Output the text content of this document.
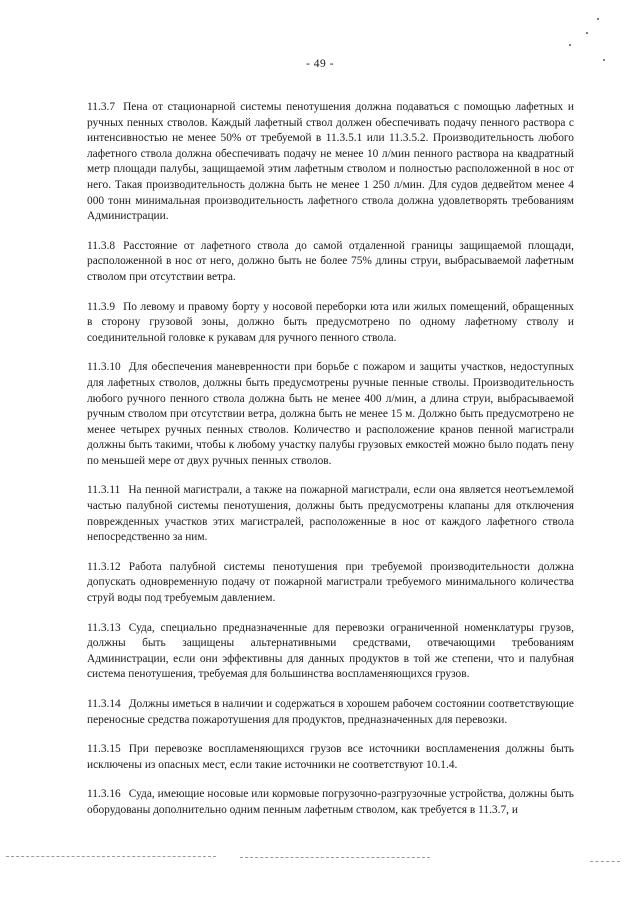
- 49 -

11.3.7 Пена от стационарной системы пенотушения должна подаваться с помощью лафетных и ручных пенных стволов. Каждый лафетный ствол должен обеспечивать подачу пенного раствора с интенсивностью не менее 50% от требуемой в 11.3.5.1 или 11.3.5.2. Производительность любого лафетного ствола должна обеспечивать подачу не менее 10 л/мин пенного раствора на квадратный метр площади палубы, защищаемой этим лафетным стволом и полностью расположенной в нос от него. Такая производительность должна быть не менее 1 250 л/мин. Для судов дедвейтом менее 4 000 тонн минимальная производительность лафетного ствола должна удовлетворять требованиям Администрации.

11.3.8 Расстояние от лафетного ствола до самой отдаленной границы защищаемой площади, расположенной в нос от него, должно быть не более 75% длины струи, выбрасываемой лафетным стволом при отсутствии ветра.

11.3.9 По левому и правому борту у носовой переборки юта или жилых помещений, обращенных в сторону грузовой зоны, должно быть предусмотрено по одному лафетному стволу и соединительной головке к рукавам для ручного пенного ствола.

11.3.10 Для обеспечения маневренности при борьбе с пожаром и защиты участков, недоступных для лафетных стволов, должны быть предусмотрены ручные пенные стволы. Производительность любого ручного пенного ствола должна быть не менее 400 л/мин, а длина струи, выбрасываемой ручным стволом при отсутствии ветра, должна быть не менее 15 м. Должно быть предусмотрено не менее четырех ручных пенных стволов. Количество и расположение кранов пенной магистрали должны быть такими, чтобы к любому участку палубы грузовых емкостей можно было подать пену по меньшей мере от двух ручных пенных стволов.

11.3.11 На пенной магистрали, а также на пожарной магистрали, если она является неотъемлемой частью палубной системы пенотушения, должны быть предусмотрены клапаны для отключения поврежденных участков этих магистралей, расположенные в нос от каждого лафетного ствола непосредственно за ним.

11.3.12 Работа палубной системы пенотушения при требуемой производительности должна допускать одновременную подачу от пожарной магистрали требуемого минимального количества струй воды под требуемым давлением.

11.3.13 Суда, специально предназначенные для перевозки ограниченной номенклатуры грузов, должны быть защищены альтернативными средствами, отвечающими требованиям Администрации, если они эффективны для данных продуктов в той же степени, что и палубная система пенотушения, требуемая для большинства воспламеняющихся грузов.

11.3.14 Должны иметься в наличии и содержаться в хорошем рабочем состоянии соответствующие переносные средства пожаротушения для продуктов, предназначенных для перевозки.

11.3.15 При перевозке воспламеняющихся грузов все источники воспламенения должны быть исключены из опасных мест, если такие источники не соответствуют 10.1.4.

11.3.16 Суда, имеющие носовые или кормовые погрузочно-разгрузочные устройства, должны быть оборудованы дополнительно одним пенным лафетным стволом, как требуется в 11.3.7, и
